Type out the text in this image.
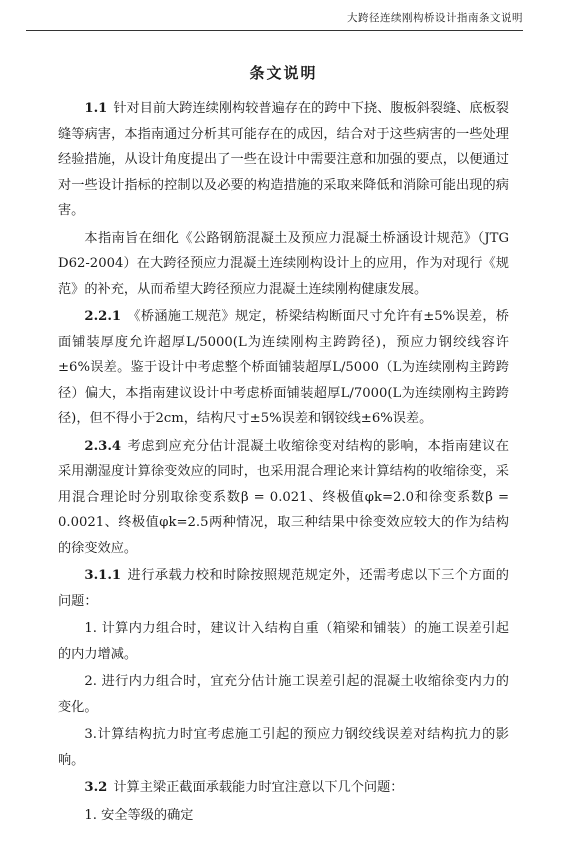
大跨径连续刚构桥设计指南条文说明
条文说明

1.1 针对目前大跨连续刚构较普遍存在的跨中下挠、腹板斜裂缝、底板裂缝等病害，本指南通过分析其可能存在的成因，结合对于这些病害的一些处理经验措施，从设计角度提出了一些在设计中需要注意和加强的要点，以便通过对一些设计指标的控制以及必要的构造措施的采取来降低和消除可能出现的病害。

本指南旨在细化《公路钢筋混凝土及预应力混凝土桥涵设计规范》（JTG D62-2004）在大跨径预应力混凝土连续刚构设计上的应用，作为对现行《规范》的补充，从而希望大跨径预应力混凝土连续刚构健康发展。

2.2.1 《桥涵施工规范》规定，桥梁结构断面尺寸允许有±5%误差，桥面铺装厚度允许超厚L/5000(L为连续刚构主跨跨径)，预应力钢绞线容许±6%误差。鉴于设计中考虑整个桥面铺装超厚L/5000（L为连续刚构主跨跨径）偏大，本指南建议设计中考虑桥面铺装超厚L/7000(L为连续刚构主跨跨径)，但不得小于2cm，结构尺寸±5%误差和钢铰线±6%误差。

2.3.4 考虑到应充分估计混凝土收缩徐变对结构的影响，本指南建议在采用潮湿度计算徐变效应的同时，也采用混合理论来计算结构的收缩徐变，采用混合理论时分别取徐变系数β = 0.021、终极值φk=2.0和徐变系数β = 0.0021、终极值φk=2.5两种情况，取三种结果中徐变效应较大的作为结构的徐变效应。

3.1.1 进行承载力校和时除按照规范规定外，还需考虑以下三个方面的问题：

1. 计算内力组合时，建议计入结构自重（箱梁和铺装）的施工误差引起的内力增减。

2. 进行内力组合时，宜充分估计施工误差引起的混凝土收缩徐变内力的变化。

3.计算结构抗力时宜考虑施工引起的预应力钢绞线误差对结构抗力的影响。

3.2 计算主梁正截面承载能力时宜注意以下几个问题：

1. 安全等级的确定
